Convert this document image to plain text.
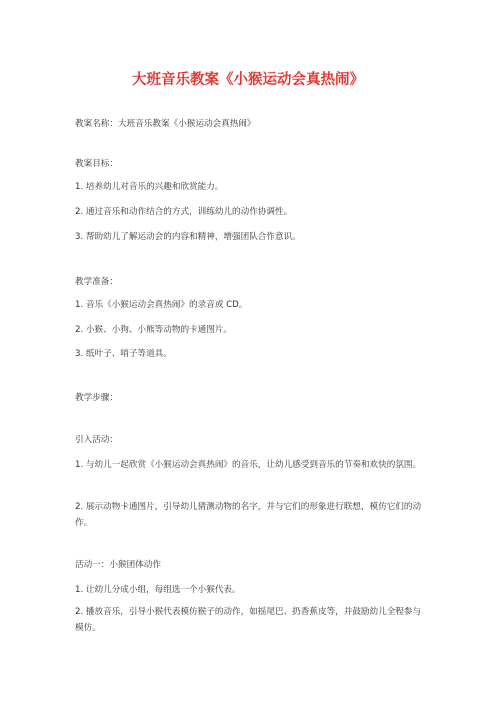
大班音乐教案《小猴运动会真热闹》
教案名称：大班音乐教案《小猴运动会真热闹》
教案目标：
1. 培养幼儿对音乐的兴趣和欣赏能力。
2. 通过音乐和动作结合的方式，训练幼儿的动作协调性。
3. 帮助幼儿了解运动会的内容和精神，增强团队合作意识。
教学准备：
1. 音乐《小猴运动会真热闹》的录音或 CD。
2. 小猴、小狗、小熊等动物的卡通图片。
3. 纸叶子、哨子等道具。
教学步骤：
引入活动：
1. 与幼儿一起欣赏《小猴运动会真热闹》的音乐，让幼儿感受到音乐的节奏和欢快的氛围。
2. 展示动物卡通图片，引导幼儿猜测动物的名字，并与它们的形象进行联想，模仿它们的动作。
活动一：小猴团体动作
1. 让幼儿分成小组，每组选一个小猴代表。
2. 播放音乐，引导小猴代表模仿猴子的动作，如摇尾巴、扔香蕉皮等，并鼓励幼儿全程参与模仿。
